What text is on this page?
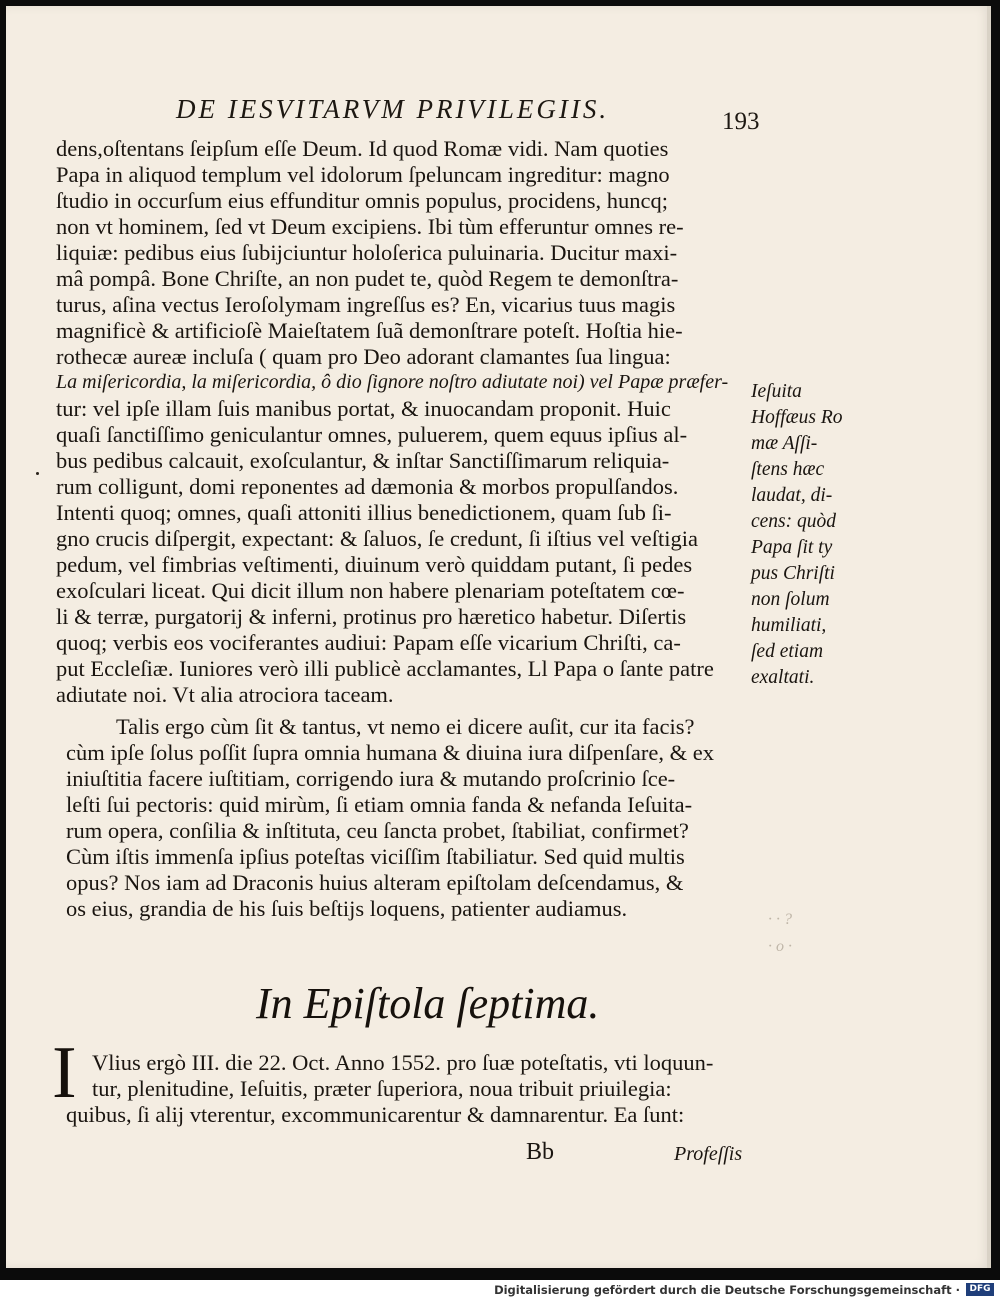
DE IESVITARVM PRIVILEGIIS.	193
dens,oſtentans ſeipſum eſſe Deum. Id quod Romæ vidi. Nam quoties
Papa in aliquod templum vel idolorum ſpeluncam ingreditur: magno
ſtudio in occurſum eius effunditur omnis populus, procidens, huncq;
non vt hominem, ſed vt Deum excipiens. Ibi tùm efferuntur omnes re-
liquiæ: pedibus eius ſubijciuntur holoſerica puluinaria. Ducitur maxi-
mâ pompâ. Bone Chriſte, an non pudet te, quòd Regem te demonſtra-
turus, aſina vectus Ieroſolymam ingreſſus es? En, vicarius tuus magis
magnificè & artificioſè Maieſtatem ſuã demonſtrare poteſt. Hoſtia hie-
rothecæ aureæ incluſa ( quam pro Deo adorant clamantes ſua lingua:
La miſericordia, la miſericordia, ô dio ſignore noſtro adiutate noi) vel Papæ præfer-
tur: vel ipſe illam ſuis manibus portat, & inuocandam proponit. Huic
quaſi ſanctiſſimo geniculantur omnes, puluerem, quem equus ipſius al-
bus pedibus calcauit, exoſculantur, & inſtar Sanctiſſimarum reliquia-
rum colligunt, domi reponentes ad dæmonia & morbos propulſandos.
Intenti quoq; omnes, quaſi attoniti illius benedictionem, quam ſub ſi-
gno crucis diſpergit, expectant: & ſaluos, ſe credunt, ſi iſtius vel veſtigia
pedum, vel fimbrias veſtimenti, diuinum verò quiddam putant, ſi pedes
exoſculari liceat. Qui dicit illum non habere plenariam poteſtatem cœ-
li & terræ, purgatorij & inferni, protinus pro hæretico habetur. Diſertis
quoq; verbis eos vociferantes audiui: Papam eſſe vicarium Chriſti, ca-
put Eccleſiæ. Iuniores verò illi publicè acclamantes, Ll Papa o ſante patre
adiutate noi. Vt alia atrociora taceam.
Talis ergo cùm ſit & tantus, vt nemo ei dicere auſit, cur ita facis?
cùm ipſe ſolus poſſit ſupra omnia humana & diuina iura diſpenſare, & ex
iniuſtitia facere iuſtitiam, corrigendo iura & mutando proſcrinio ſce-
leſti ſui pectoris: quid mirùm, ſi etiam omnia fanda & nefanda Ieſuita-
rum opera, conſilia & inſtituta, ceu ſancta probet, ſtabiliat, confirmet?
Cùm iſtis immenſa ipſius poteſtas viciſſim ſtabiliatur. Sed quid multis
opus? Nos iam ad Draconis huius alteram epiſtolam deſcendamus, &
os eius, grandia de his ſuis beſtijs loquens, patienter audiamus.
Ieſuita
Hoffæus Ro
mæ Aſſi-
ſtens hæc
laudat, di-
cens: quòd
Papa ſit ty
pus Chriſti
non ſolum
humiliati,
ſed etiam
exaltati.
· · ?
· o ·
In Epiſtola ſeptima.
I Vlius ergò III. die 22. Oct. Anno 1552. pro ſuæ poteſtatis, vti loquun-
tur, plenitudine, Ieſuitis, præter ſuperiora, noua tribuit priuilegia:
quibus, ſi alij vterentur, excommunicarentur & damnarentur. Ea ſunt:
Bb	Profeſſis
Digitalisierung gefördert durch die Deutsche Forschungsgemeinschaft ·	DFG
